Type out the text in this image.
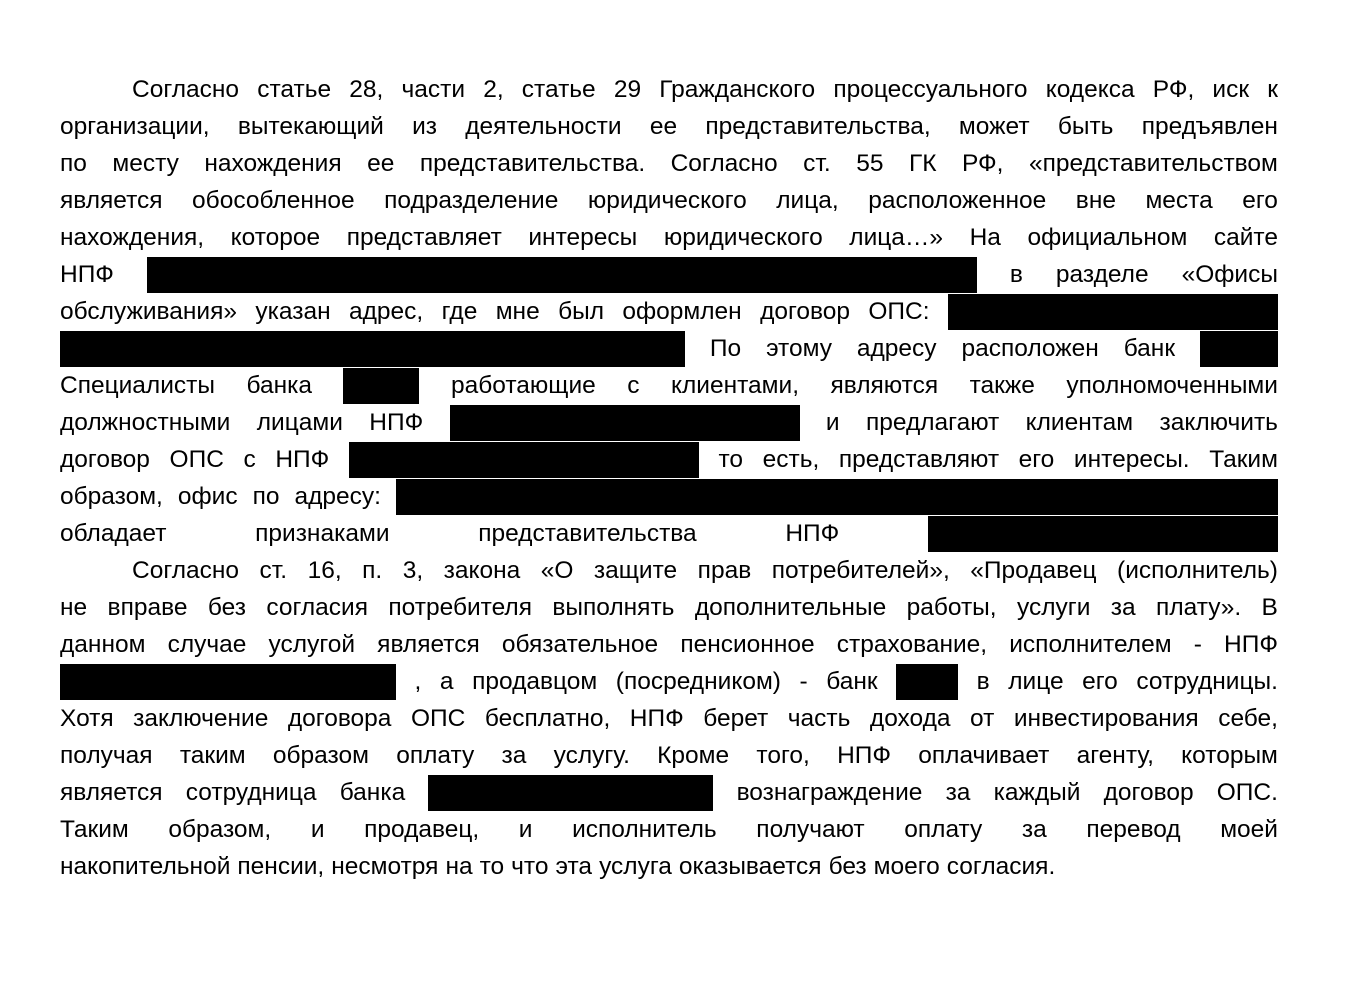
Согласно статье 28, части 2, статье 29 Гражданского процессуального кодекса РФ, иск к
организации, вытекающий из деятельности ее представительства, может быть предъявлен
по месту нахождения ее представительства. Согласно ст. 55 ГК РФ, «представительством
является обособленное подразделение юридического лица, расположенное вне места его
нахождения, которое представляет интересы юридического лица…» На официальном сайте
НПФ	в разделе «Офисы
обслуживания» указан адрес, где мне был оформлен договор ОПС:
По этому адресу расположен банк
Специалисты банка	работающие с клиентами, являются также уполномоченными
должностными лицами НПФ	и предлагают клиентам заключить
договор ОПС с НПФ	то есть, представляют его интересы. Таким
образом, офис по адресу:
обладает	признаками	представительства	НПФ
Согласно ст. 16, п. 3, закона «О защите прав потребителей», «Продавец (исполнитель)
не вправе без согласия потребителя выполнять дополнительные работы, услуги за плату». В
данном случае услугой является обязательное пенсионное страхование, исполнителем - НПФ
, а продавцом (посредником) - банк	в лице его сотрудницы.
Хотя заключение договора ОПС бесплатно, НПФ берет часть дохода от инвестирования себе,
получая таким образом оплату за услугу. Кроме того, НПФ оплачивает агенту, которым
является сотрудница банка	вознаграждение за каждый договор ОПС.
Таким образом, и продавец, и исполнитель получают оплату за перевод моей
накопительной пенсии, несмотря на то что эта услуга оказывается без моего согласия.
